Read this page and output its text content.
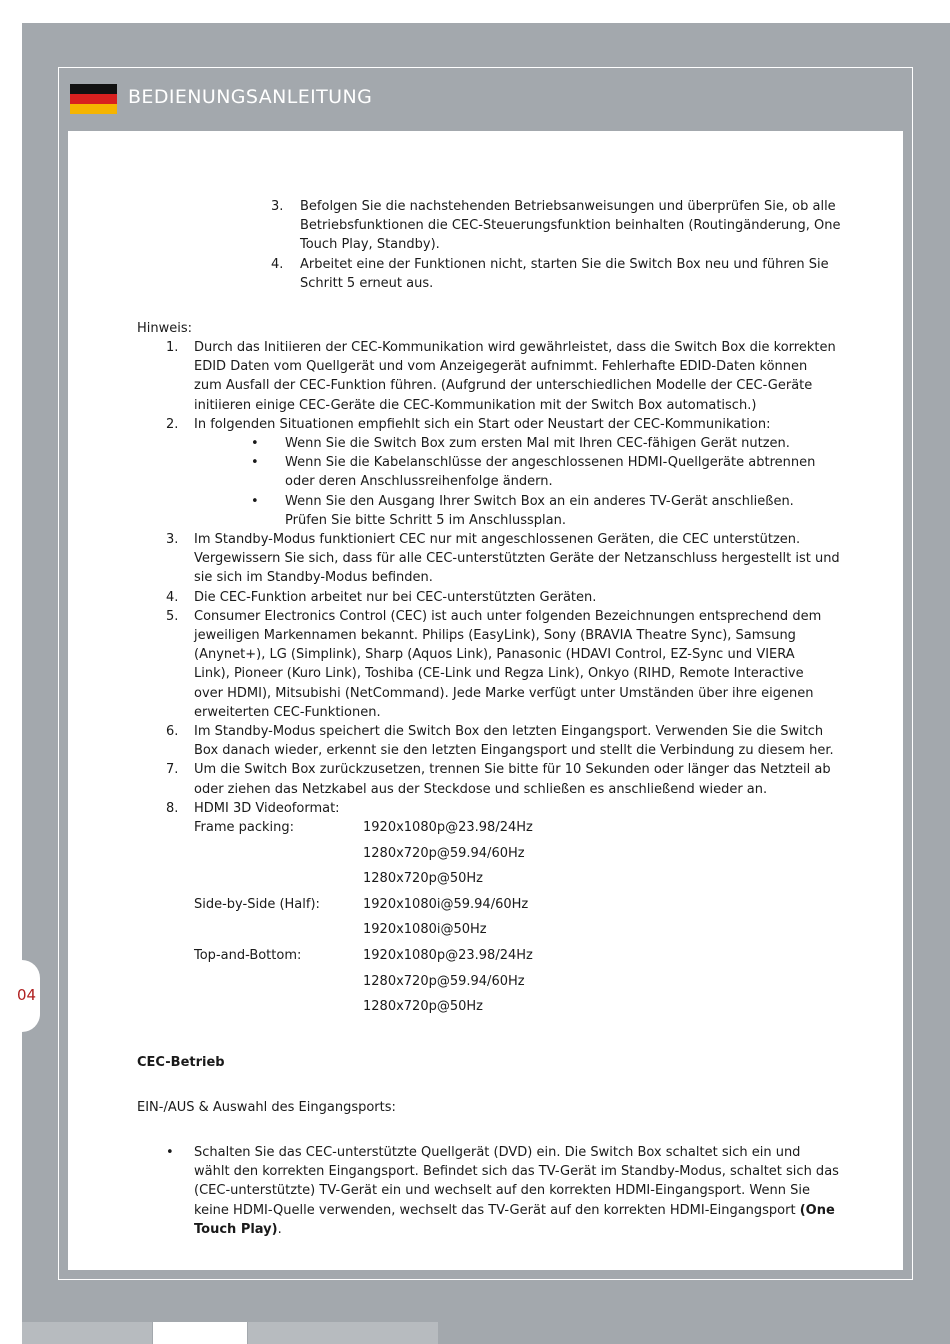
BEDIENUNGSANLEITUNG
04
3. Befolgen Sie die nachstehenden Betriebsanweisungen und überprüfen Sie, ob alle
Betriebsfunktionen die CEC-Steuerungsfunktion beinhalten (Routingänderung, One
Touch Play, Standby).
4. Arbeitet eine der Funktionen nicht, starten Sie die Switch Box neu und führen Sie
Schritt 5 erneut aus.
Hinweis:
1. Durch das Initiieren der CEC-Kommunikation wird gewährleistet, dass die Switch Box die korrekten
EDID Daten vom Quellgerät und vom Anzeigegerät aufnimmt. Fehlerhafte EDID-Daten können
zum Ausfall der CEC-Funktion führen. (Aufgrund der unterschiedlichen Modelle der CEC-Geräte
initiieren einige CEC-Geräte die CEC-Kommunikation mit der Switch Box automatisch.)
2. In folgenden Situationen empfiehlt sich ein Start oder Neustart der CEC-Kommunikation:
• Wenn Sie die Switch Box zum ersten Mal mit Ihren CEC-fähigen Gerät nutzen.
• Wenn Sie die Kabelanschlüsse der angeschlossenen HDMI-Quellgeräte abtrennen
oder deren Anschlussreihenfolge ändern.
• Wenn Sie den Ausgang Ihrer Switch Box an ein anderes TV-Gerät anschließen.
Prüfen Sie bitte Schritt 5 im Anschlussplan.
3. Im Standby-Modus funktioniert CEC nur mit angeschlossenen Geräten, die CEC unterstützen.
Vergewissern Sie sich, dass für alle CEC-unterstützten Geräte der Netzanschluss hergestellt ist und
sie sich im Standby-Modus befinden.
4. Die CEC-Funktion arbeitet nur bei CEC-unterstützten Geräten.
5. Consumer Electronics Control (CEC) ist auch unter folgenden Bezeichnungen entsprechend dem
jeweiligen Markennamen bekannt. Philips (EasyLink), Sony (BRAVIA Theatre Sync), Samsung
(Anynet+), LG (Simplink), Sharp (Aquos Link), Panasonic (HDAVI Control, EZ-Sync und VIERA
Link), Pioneer (Kuro Link), Toshiba (CE-Link und Regza Link), Onkyo (RIHD, Remote Interactive
over HDMI), Mitsubishi (NetCommand). Jede Marke verfügt unter Umständen über ihre eigenen
erweiterten CEC-Funktionen.
6. Im Standby-Modus speichert die Switch Box den letzten Eingangsport. Verwenden Sie die Switch
Box danach wieder, erkennt sie den letzten Eingangsport und stellt die Verbindung zu diesem her.
7. Um die Switch Box zurückzusetzen, trennen Sie bitte für 10 Sekunden oder länger das Netzteil ab
oder ziehen das Netzkabel aus der Steckdose und schließen es anschließend wieder an.
8. HDMI 3D Videoformat:
Frame packing:	1920x1080p@23.98/24Hz
1280x720p@59.94/60Hz
1280x720p@50Hz
Side-by-Side (Half):	1920x1080i@59.94/60Hz
1920x1080i@50Hz
Top-and-Bottom:	1920x1080p@23.98/24Hz
1280x720p@59.94/60Hz
1280x720p@50Hz
CEC-Betrieb
EIN-/AUS & Auswahl des Eingangsports:
• Schalten Sie das CEC-unterstützte Quellgerät (DVD) ein. Die Switch Box schaltet sich ein und
wählt den korrekten Eingangsport. Befindet sich das TV-Gerät im Standby-Modus, schaltet sich das
(CEC-unterstützte) TV-Gerät ein und wechselt auf den korrekten HDMI-Eingangsport. Wenn Sie
keine HDMI-Quelle verwenden, wechselt das TV-Gerät auf den korrekten HDMI-Eingangsport (One
Touch Play).
